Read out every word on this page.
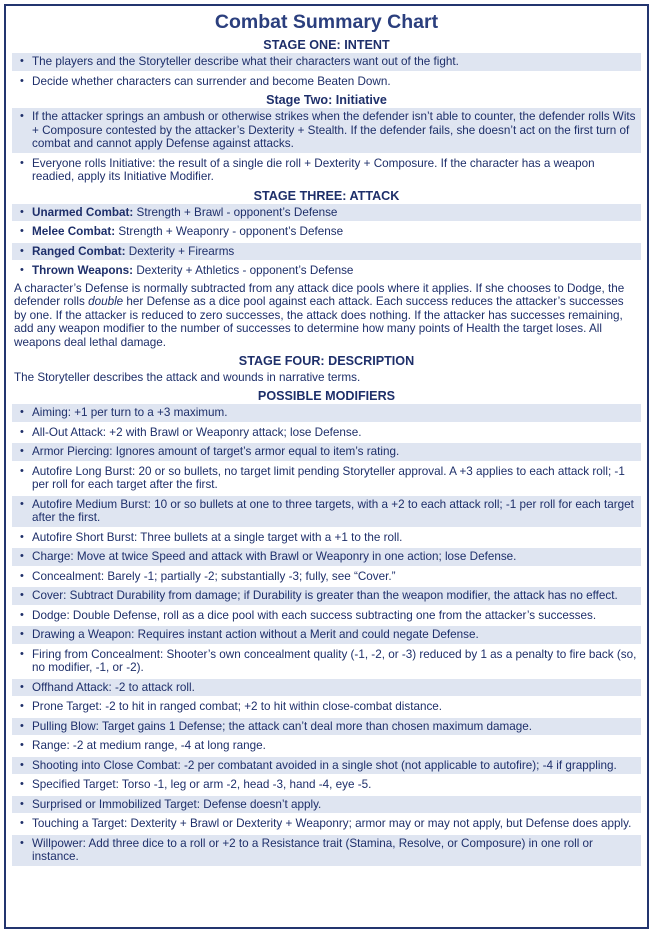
Combat Summary Chart
STAGE ONE: INTENT
• The players and the Storyteller describe what their characters want out of the fight.
• Decide whether characters can surrender and become Beaten Down.
Stage Two: Initiative
• If the attacker springs an ambush or otherwise strikes when the defender isn’t able to counter, the defender rolls Wits + Composure contested by the attacker’s Dexterity + Stealth. If the defender fails, she doesn’t act on the first turn of combat and cannot apply Defense against attacks.
• Everyone rolls Initiative: the result of a single die roll + Dexterity + Composure. If the character has a weapon readied, apply its Initiative Modifier.
STAGE THREE: ATTACK
• Unarmed Combat: Strength + Brawl - opponent’s Defense
• Melee Combat: Strength + Weaponry - opponent’s Defense
• Ranged Combat: Dexterity + Firearms
• Thrown Weapons: Dexterity + Athletics - opponent’s Defense
A character’s Defense is normally subtracted from any attack dice pools where it applies. If she chooses to Dodge, the defender rolls double her Defense as a dice pool against each attack. Each success reduces the attacker’s successes by one. If the attacker is reduced to zero successes, the attack does nothing. If the attacker has successes remaining, add any weapon modifier to the number of successes to determine how many points of Health the target loses. All weapons deal lethal damage.
STAGE FOUR: DESCRIPTION
The Storyteller describes the attack and wounds in narrative terms.
POSSIBLE MODIFIERS
• Aiming: +1 per turn to a +3 maximum.
• All-Out Attack: +2 with Brawl or Weaponry attack; lose Defense.
• Armor Piercing: Ignores amount of target’s armor equal to item’s rating.
• Autofire Long Burst: 20 or so bullets, no target limit pending Storyteller approval. A +3 applies to each attack roll; -1 per roll for each target after the first.
• Autofire Medium Burst: 10 or so bullets at one to three targets, with a +2 to each attack roll; -1 per roll for each target after the first.
• Autofire Short Burst: Three bullets at a single target with a +1 to the roll.
• Charge: Move at twice Speed and attack with Brawl or Weaponry in one action; lose Defense.
• Concealment: Barely -1; partially -2; substantially -3; fully, see “Cover.”
• Cover: Subtract Durability from damage; if Durability is greater than the weapon modifier, the attack has no effect.
• Dodge: Double Defense, roll as a dice pool with each success subtracting one from the attacker’s successes.
• Drawing a Weapon: Requires instant action without a Merit and could negate Defense.
• Firing from Concealment: Shooter’s own concealment quality (-1, -2, or -3) reduced by 1 as a penalty to fire back (so, no modifier, -1, or -2).
• Offhand Attack: -2 to attack roll.
• Prone Target: -2 to hit in ranged combat; +2 to hit within close-combat distance.
• Pulling Blow: Target gains 1 Defense; the attack can’t deal more than chosen maximum damage.
• Range: -2 at medium range, -4 at long range.
• Shooting into Close Combat: -2 per combatant avoided in a single shot (not applicable to autofire); -4 if grappling.
• Specified Target: Torso -1, leg or arm -2, head -3, hand -4, eye -5.
• Surprised or Immobilized Target: Defense doesn’t apply.
• Touching a Target: Dexterity + Brawl or Dexterity + Weaponry; armor may or may not apply, but Defense does apply.
• Willpower: Add three dice to a roll or +2 to a Resistance trait (Stamina, Resolve, or Composure) in one roll or instance.
